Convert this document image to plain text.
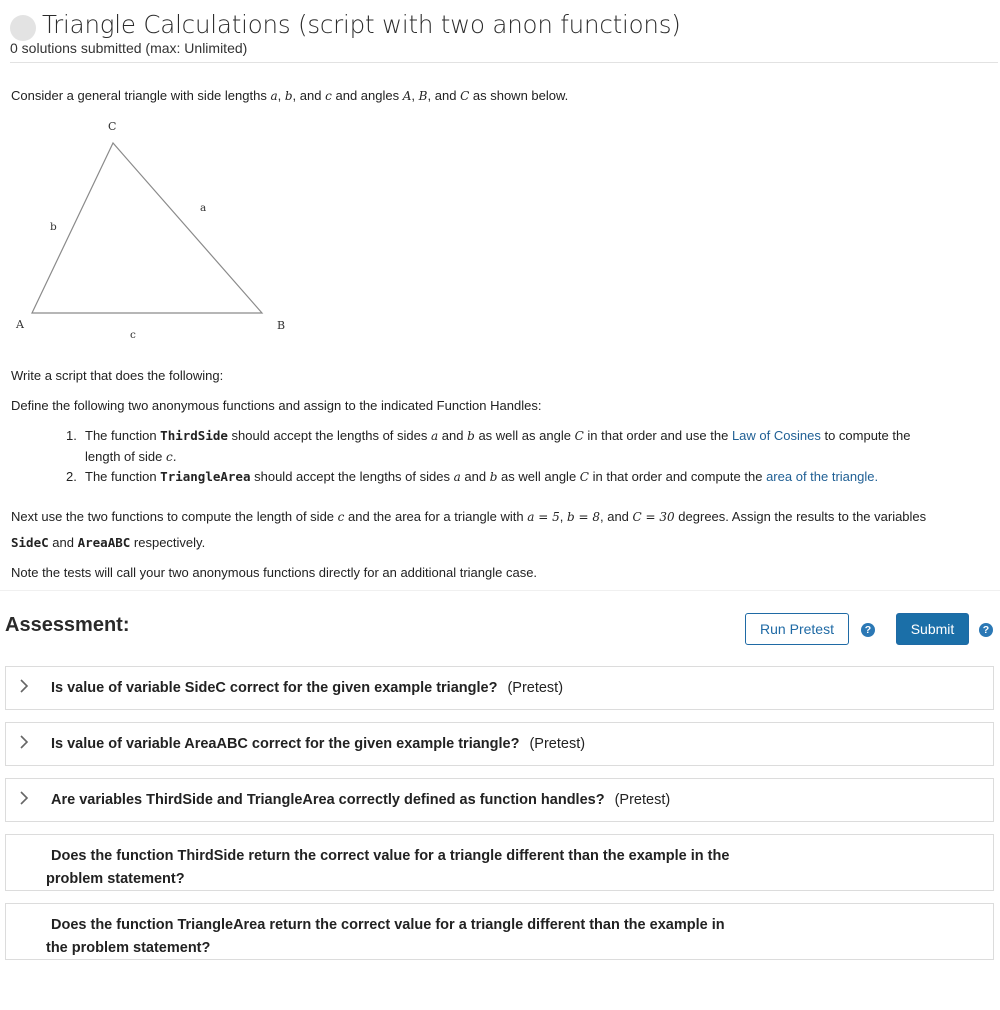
Triangle Calculations (script with two anon functions)
0 solutions submitted (max: Unlimited)
Consider a general triangle with side lengths a, b, and c and angles A, B, and C as shown below.
C
A	B
a
b
c
Write a script that does the following:
Define the following two anonymous functions and assign to the indicated Function Handles:
1. The function ThirdSide should accept the lengths of sides a and b as well as angle C in that order and use the Law of Cosines to compute the
length of side c.
2. The function TriangleArea should accept the lengths of sides a and b as well angle C in that order and compute the area of the triangle.
Next use the two functions to compute the length of side c and the area for a triangle with a = 5, b = 8, and C = 30 degrees. Assign the results to the variables
SideC and AreaABC respectively.
Note the tests will call your two anonymous functions directly for an additional triangle case.
Assessment:	Run Pretest	?	Submit	?
Is value of variable SideC correct for the given example triangle? (Pretest)
Is value of variable AreaABC correct for the given example triangle? (Pretest)
Are variables ThirdSide and TriangleArea correctly defined as function handles? (Pretest)
Does the function ThirdSide return the correct value for a triangle different than the example in the problem statement?
Does the function TriangleArea return the correct value for a triangle different than the example in the problem statement?
